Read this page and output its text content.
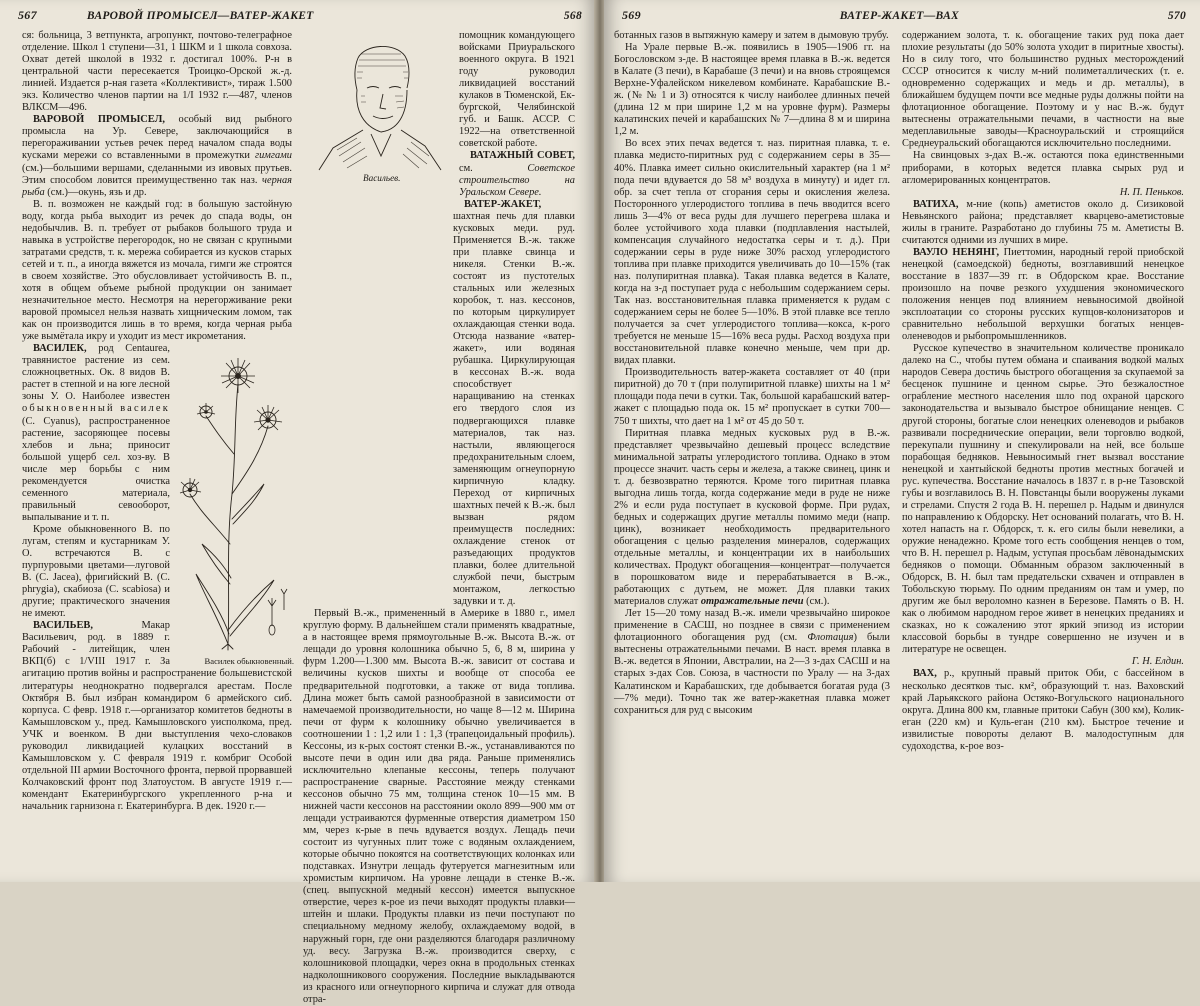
567	ВАРОВОЙ ПРОМЫСЕЛ—ВАТЕР-ЖАКЕТ	568

ся: больница, 3 ветпункта, агропункт, почтово-телеграфное отделение. Школ 1 ступени—31, 1 ШКМ и 1 школа совхоза. Охват детей школой в 1932 г. достигал 100%. Р-н в центральной части пересекается Троицко-Орской ж.-д. линией. Издается р-ная газета «Коллективист», тираж 1.500 экз. Количество членов партии на 1/I 1932 г.—487, членов ВЛКСМ—496.

ВАРОВОЙ ПРОМЫСЕЛ, особый вид рыбного промысла на Ур. Севере, заключающийся в перегораживании устьев речек перед началом спада воды кусками мережи со вставленными в промежутки гимгами (см.)—большими вершами, сделанными из ивовых прутьев. Этим способом ловится преимущественно так наз. черная рыба (см.)—окунь, язь и др.

В. п. возможен не каждый год: в большую застойную воду, когда рыба выходит из речек до спада воды, он недобычлив. В. п. требует от рыбаков большого труда и навыка в устройстве перегородок, но не связан с крупными затратами средств, т. к. мережа собирается из кусков старых сетей и т. п., а иногда вяжется из мочала, гимги же строятся в своем хозяйстве. Это обусловливает устойчивость В. п., хотя в общем объеме рыбной продукции он занимает незначительное место. Несмотря на нерегорживание реки варовой промысел нельзя назвать хищническим ломом, так как он производится лишь в то время, когда черная рыба уже вымётала икру и уходит из мест икрометания.

Василек обыкновенный.

ВАСИЛЕК, род Centaurea, травянистое растение из сем. сложноцветных. Ок. 8 видов В. растет в степной и на юге лесной зоны У. О. Наиболее известен обыкновенный василек (C. Cyanus), распространенное растение, засоряющее посевы хлебов и льна; приносит большой ущерб сел. хоз-ву. В числе мер борьбы с ним рекомендуется очистка семенного материала, правильный севооборот, выпалывание и т. п.

Кроме обыкновенного В. по лугам, степям и кустарникам У. О. встречаются В. с пурпуровыми цветами—луговой В. (C. Jacea), фригийский В. (C. phrygia), скабиоза (C. scabiosa) и другие; практического значения не имеют.

ВАСИЛЬЕВ, Макар Васильевич, род. в 1889 г. Рабочий - литейщик, член ВКП(б) с 1/VIII 1917 г. За агитацию против войны и распространение большевистской литературы неоднократно подвергался арестам. После Октября В. был избран командиром 6 армейского сиб. корпуса. С февр. 1918 г.—организатор комитетов бедноты в Камышловском у., пред. Камышловского уисполкома, пред. УЧК и военком. В дни выступления чехо-словаков руководил ликвидацией кулацких восстаний в Камышловском у. С февраля 1919 г. комбриг Особой отдельной III армии Восточного фронта, первой прорвавшей Колчаковский фронт под Златоустом. В августе 1919 г.—комендант Екатеринбургского укрепленного р-на и начальник гарнизона г. Екатеринбурга. В дек. 1920 г.—

Васильев.

помощник командующего войсками Приуральского военного округа. В 1921 году руководил ликвидацией восстаний кулаков в Тюменской, Ек-бургской, Челябинской губ. и Башк. АССР. С 1922—на ответственной советской работе.

ВАТАЖНЫЙ СОВЕТ, см. Советское строительство на Уральском Севере.

ВАТЕР-ЖАКЕТ, шахтная печь для плавки кусковых меди. руд. Применяется В.-ж. также при плавке свинца и никеля. Стенки В.-ж. состоят из пустотелых стальных или железных коробок, т. наз. кессонов, по которым циркулирует охлаждающая стенки вода. Отсюда название «ватер-жакет», или водяная рубашка. Циркулирующая в кессонах В.-ж. вода способствует наращиванию на стенках его твердого слоя из подвергающихся плавке материалов, так наз. настыли, являющегося предохранительным слоем, заменяющим огнеупорную кирпичную кладку. Переход от кирпичных шахтных печей к В.-ж. был вызван рядом преимуществ последних: охлаждение стенок от разъедающих продуктов плавки, более длительной службой печи, быстрым монтажом, легкостью задувки и т. д.

Первый В.-ж., примененный в Америке в 1880 г., имел круглую форму. В дальнейшем стали применять квадратные, а в настоящее время прямоугольные В.-ж. Высота В.-ж. от лещади до уровня колошника обычно 5, 6, 8 м, ширина у фурм 1.200—1.300 мм. Высота В.-ж. зависит от состава и величины кусков шихты и вообще от способа ее предварительной подготовки, а также от вида топлива. Длина может быть самой разнообразной в зависимости от намечаемой производительности, но чаще 8—12 м. Ширина печи от фурм к колошнику обычно увеличивается в соотношении 1 : 1,2 или 1 : 1,3 (трапецоидальный профиль). Кессоны, из к-рых состоят стенки В.-ж., устанавливаются по высоте печи в один или два ряда. Раньше применялись исключительно клепаные кессоны, теперь получают распространение сварные. Расстояние между стенками кессонов обычно 75 мм, толщина стенок 10—15 мм. В нижней части кессонов на расстоянии около 899—900 мм от лещади устраиваются фурменные отверстия диаметром 150 мм, через к-рые в печь вдувается воздух. Лещадь печи состоит из чугунных плит тоже с водяным охлаждением, которые обычно покоятся на соответствующих колонках или подставках. Изнутри лещадь футеруется магнезитным или хромистым кирпичом. На уровне лещади в стенке В.-ж. (спец. выпускной медный кессон) имеется выпускное отверстие, через к-рое из печи выходят продукты плавки—штейн и шлаки. Продукты плавки из печи поступают по специальному медному желобу, охлаждаемому водой, в наружный горн, где они разделяются благодаря различному уд. весу. Загрузка В.-ж. производится сверху, с колошниковой площадки, через окна в продольных стенках надколошникового сооружения. Последние выкладываются из красного или огнеупорного кирпича и служат для отвода отра-

569	ВАТЕР-ЖАКЕТ—ВАХ	570

ботанных газов в вытяжную камеру и затем в дымовую трубу.

На Урале первые В.-ж. появились в 1905—1906 гг. на Богословском з-де. В настоящее время плавка в В.-ж. ведется в Калате (3 печи), в Карабаше (3 печи) и на вновь строящемся Верхне-Уфалейском никелевом комбинате. Карабашские В.-ж. (№ № 1 и 3) относятся к числу наиболее длинных печей (длина 12 м при ширине 1,2 м на уровне фурм). Размеры калатинских печей и карабашских № 7—длина 8 м и ширина 1,2 м.

Во всех этих печах ведется т. наз. пиритная плавка, т. е. плавка медисто-пиритных руд с содержанием серы в 35—40%. Плавка имеет сильно окислительный характер (на 1 м² пода печи вдувается до 58 м³ воздуха в минуту) и идет гл. обр. за счет тепла от сгорания серы и окисления железа. Посторонного углеродистого топлива в печь вводится всего лишь 3—4% от веса руды для лучшего перегрева шлака и более устойчивого хода плавки (подплавления настылей, компенсация случайного недостатка серы и т. д.). При содержании серы в руде ниже 30% расход углеродистого топлива при плавке приходится увеличивать до 10—15% (так наз. полупиритная плавка). Такая плавка ведется в Калате, когда на з-д поступает руда с небольшим содержанием серы. Так наз. восстановительная плавка применяется к рудам с содержанием серы не более 5—10%. В этой плавке все тепло получается за счет углеродистого топлива—кокса, к-рого требуется не меньше 15—16% веса руды. Расход воздуха при восстановительной плавке конечно меньше, чем при др. видах плавки.

Производительность ватер-жакета составляет от 40 (при пиритной) до 70 т (при полупиритной плавке) шихты на 1 м² площади пода печи в сутки. Так, большой карабашский ватер-жакет с площадью пода ок. 15 м² пропускает в сутки 700—750 т шихты, что дает на 1 м² от 45 до 50 т.

Пиритная плавка медных кусковых руд в В.-ж. представляет чрезвычайно дешевый процесс вследствие минимальной затраты углеродистого топлива. Однако в этом процессе значит. часть серы и железа, а также свинец, цинк и т. д. безвозвратно теряются. Кроме того пиритная плавка выгодна лишь тогда, когда содержание меди в руде не ниже 2% и если руда поступает в кусковой форме. При рудах, бедных и содержащих другие металлы помимо меди (напр. цинк), возникает необходимость предварительного обогащения с целью разделения минералов, содержащих отдельные металлы, и концентрации их в наибольших количествах. Продукт обогащения—концентрат—получается в порошковатом виде и перерабатывается в В.-ж., работающих с дутьем, не может. Для плавки таких материалов служат отражательные печи (см.).

Лет 15—20 тому назад В.-ж. имели чрезвычайно широкое применение в САСШ, но позднее в связи с применением флотационного обогащения руд (см. Флотация) были вытеснены отражательными печами. В наст. время плавка в В.-ж. ведется в Японии, Австралии, на 2—3 з-дах САСШ и на старых з-дах Сов. Союза, в частности по Уралу — на 3-дах Калатинском и Карабашских, где добывается богатая руда (3—7% меди). Точно так же ватер-жакетная плавка может сохраниться для руд с высоким

содержанием золота, т. к. обогащение таких руд пока дает плохие результаты (до 50% золота уходит в пиритные хвосты). Но в силу того, что большинство рудных месторождений СССР относится к числу м-ний полиметаллических (т. е. одновременно содержащих и медь и др. металлы), в ближайшем будущем почти все медные руды должны пойти на флотационное обогащение. Поэтому и у нас В.-ж. будут вытеснены отражательными печами, в частности на вые медеплавильные заводы—Красноуральский и строящийся Среднеуральский обогащаются исключительно последними.

На свинцовых з-дах В.-ж. остаются пока единственными приборами, в которых ведется плавка сырых руд и агломерированных концентратов.

Н. П. Пеньков.

ВАТИХА, м-ние (копь) аметистов около д. Сизиковой Невьянского района; представляет кварцево-аметистовые жилы в граните. Разработано до глубины 75 м. Аметисты В. считаются одними из лучших в мире.

ВАУЛО НЕНЯНГ, Пиеттомин, народный герой приобской ненецкой (самоедской) бедноты, возглавивший ненецкое восстание в 1837—39 гг. в Обдорском крае. Восстание произошло на почве резкого ухудшения экономического положения ненцев под влиянием невыносимой двойной эксплоатации со стороны русских купцов-колонизаторов и сравнительно небольшой верхушки богатых ненцев-оленеводов и рыбопромышленников.

Русское купечество в значительном количестве проникало далеко на С., чтобы путем обмана и спаивания водкой малых народов Севера достичь быстрого обогащения за скупаемой за бесценок пушнине и ценном сырье. Это безжалостное ограбление местного населения шло под охраной царского законодательства и вызывало быстрое обнищание ненцев. С другой стороны, богатые слои ненецких оленеводов и рыбаков развивали посреднические операции, вели торговлю водкой, перекупали пушнину и спекулировали на ней, все больше порабощая бедняков. Невыносимый гнет вызвал восстание ненецкой и хантыйской бедноты против местных богачей и рус. купечества. Восстание началось в 1837 г. в р-не Тазовской губы и возглавилось В. Н. Повстанцы были вооружены луками и стрелами. Спустя 2 года В. Н. перешел р. Надым и двинулся по направлению к Обдорску. Нет оснований полагать, что В. Н. хотел напасть на г. Обдорск, т. к. его силы были невелики, а оружие ненадежно. Кроме того есть сообщения ненцев о том, что В. Н. перешел р. Надым, уступая просьбам лёвонадымских бедняков о помощи. Обманным образом заключенный в Обдорск, В. Н. был там предательски схвачен и отправлен в Тобольскую тюрьму. По одним преданиям он там и умер, по другим же был вероломно казнен в Березове. Память о В. Н. как о любимом народном герое живет в ненецких преданиях и сказках, но к сожалению этот яркий эпизод из истории классовой борьбы в тундре совершенно не изучен и в литературе не освещен.

Г. Н. Елдин.

ВАХ, р., крупный правый приток Оби, с бассейном в несколько десятков тыс. км², образующий т. наз. Ваховский край Ларьякского района Остяко-Вогульского национального округа. Длина 800 км, главные притоки Сабун (300 км), Колик-еган (220 км) и Куль-еган (210 км). Быстрое течение и извилистые повороты делают В. малодоступным для судоходства, к-рое воз-
